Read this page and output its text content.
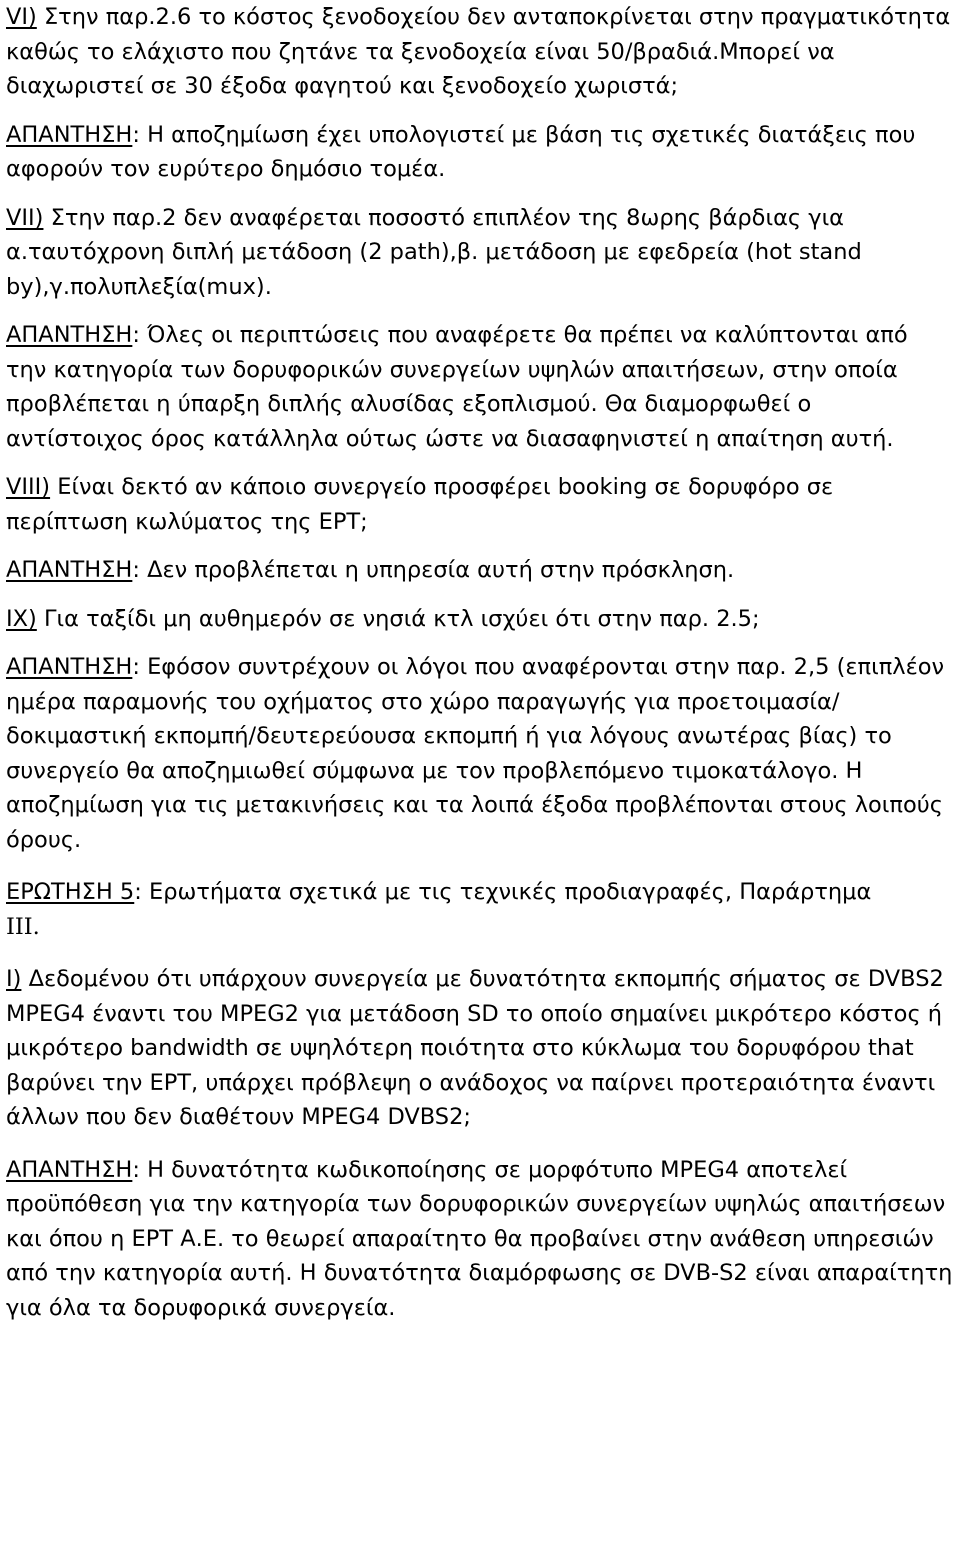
VI) Στην παρ.2.6 το κόστος ξενοδοχείου δεν ανταποκρίνεται στην πραγματικότητα καθώς το ελάχιστο που ζητάνε τα ξενοδοχεία είναι 50/βραδιά.Μπορεί να διαχωριστεί σε 30 έξοδα φαγητού και ξενοδοχείο χωριστά;

ΑΠΑΝΤΗΣΗ: Η αποζημίωση έχει υπολογιστεί με βάση τις σχετικές διατάξεις που αφορούν τον ευρύτερο δημόσιο τομέα.

VII) Στην παρ.2 δεν αναφέρεται ποσοστό επιπλέον της 8ωρης βάρδιας για α.ταυτόχρονη διπλή μετάδοση (2 path),β. μετάδοση με εφεδρεία (hot stand by),γ.πολυπλεξία(mux).

ΑΠΑΝΤΗΣΗ: Όλες οι περιπτώσεις που αναφέρετε θα πρέπει να καλύπτονται από την κατηγορία των δορυφορικών συνεργείων υψηλών απαιτήσεων, στην οποία προβλέπεται η ύπαρξη διπλής αλυσίδας εξοπλισμού. Θα διαμορφωθεί ο αντίστοιχος όρος κατάλληλα ούτως ώστε να διασαφηνιστεί η απαίτηση αυτή.

VIII) Είναι δεκτό αν κάποιο συνεργείο προσφέρει booking σε δορυφόρο σε περίπτωση κωλύματος της ΕΡΤ;

ΑΠΑΝΤΗΣΗ: Δεν προβλέπεται η υπηρεσία αυτή στην πρόσκληση.

IX) Για ταξίδι μη αυθημερόν σε νησιά κτλ ισχύει ότι στην παρ. 2.5;

ΑΠΑΝΤΗΣΗ: Εφόσον συντρέχουν οι λόγοι που αναφέρονται στην παρ. 2,5 (επιπλέον ημέρα παραμονής του οχήματος στο χώρο παραγωγής για προετοιμασία/δοκιμαστική εκπομπή/δευτερεύουσα εκπομπή ή για λόγους ανωτέρας βίας) το συνεργείο θα αποζημιωθεί σύμφωνα με τον προβλεπόμενο τιμοκατάλογο. Η αποζημίωση για τις μετακινήσεις και τα λοιπά έξοδα προβλέπονται στους λοιπούς όρους.

ΕΡΩΤΗΣΗ 5: Ερωτήματα σχετικά με τις τεχνικές προδιαγραφές, Παράρτημα
ΙΙΙ.

I) Δεδομένου ότι υπάρχουν συνεργεία με δυνατότητα εκπομπής σήματος σε DVBS2 MPEG4 έναντι του MPEG2 για μετάδοση SD το οποίο σημαίνει μικρότερο κόστος ή μικρότερο bandwidth σε υψηλότερη ποιότητα στο κύκλωμα του δορυφόρου that βαρύνει την ΕΡΤ, υπάρχει πρόβλεψη ο ανάδοχος να παίρνει προτεραιότητα έναντι άλλων που δεν διαθέτουν MPEG4 DVBS2;

ΑΠΑΝΤΗΣΗ: Η δυνατότητα κωδικοποίησης σε μορφότυπο MPEG4 αποτελεί προϋπόθεση για την κατηγορία των δορυφορικών συνεργείων υψηλώς απαιτήσεων και όπου η ΕΡΤ Α.Ε. το θεωρεί απαραίτητο θα προβαίνει στην ανάθεση υπηρεσιών από την κατηγορία αυτή. Η δυνατότητα διαμόρφωσης σε DVB-S2 είναι απαραίτητη για όλα τα δορυφορικά συνεργεία.
